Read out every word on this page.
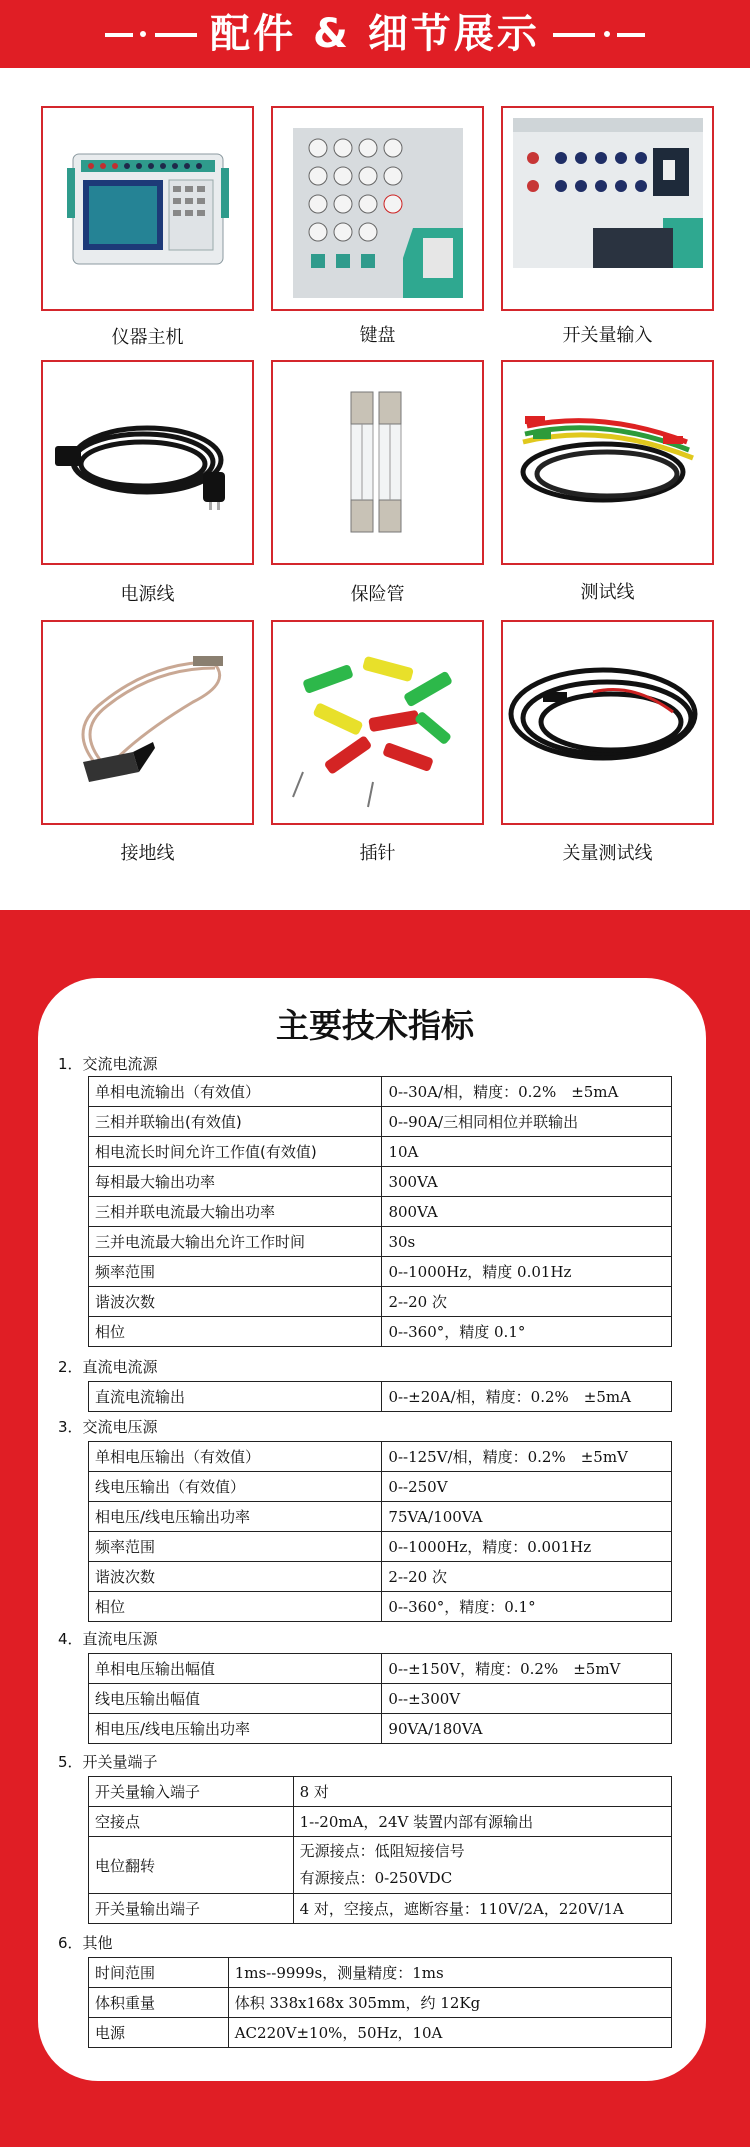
配件 & 细节展示
仪器主机	键盘	开关量输入
电源线	保险管	测试线
接地线	插针	关量测试线
主要技术指标
1．交流电流源
单相电流输出（有效值）	0--30A/相，精度：0.2%　±5mA
三相并联输出(有效值)	0--90A/三相同相位并联输出
相电流长时间允许工作值(有效值)	10A
每相最大输出功率	300VA
三相并联电流最大输出功率	800VA
三并电流最大输出允许工作时间	30s
频率范围	0--1000Hz，精度 0.01Hz
谐波次数	2--20 次
相位	0--360°，精度 0.1°
2．直流电流源
直流电流输出	0--±20A/相，精度：0.2%　±5mA
3．交流电压源
单相电压输出（有效值）	0--125V/相，精度：0.2%　±5mV
线电压输出（有效值）	0--250V
相电压/线电压输出功率	75VA/100VA
频率范围	0--1000Hz，精度：0.001Hz
谐波次数	2--20 次
相位	0--360°，精度：0.1°
4．直流电压源
单相电压输出幅值	0--±150V，精度：0.2%　±5mV
线电压输出幅值	0--±300V
相电压/线电压输出功率	90VA/180VA
5．开关量端子
开关量输入端子	8 对
空接点	1--20mA，24V 装置内部有源输出
电位翻转	无源接点：低阻短接信号
有源接点：0-250VDC

开关量输出端子	4 对，空接点，遮断容量：110V/2A，220V/1A
6．其他
时间范围	1ms--9999s，测量精度：1ms
体积重量	体积 338x168x 305mm，约 12Kg
电源	AC220V±10%，50Hz，10A
